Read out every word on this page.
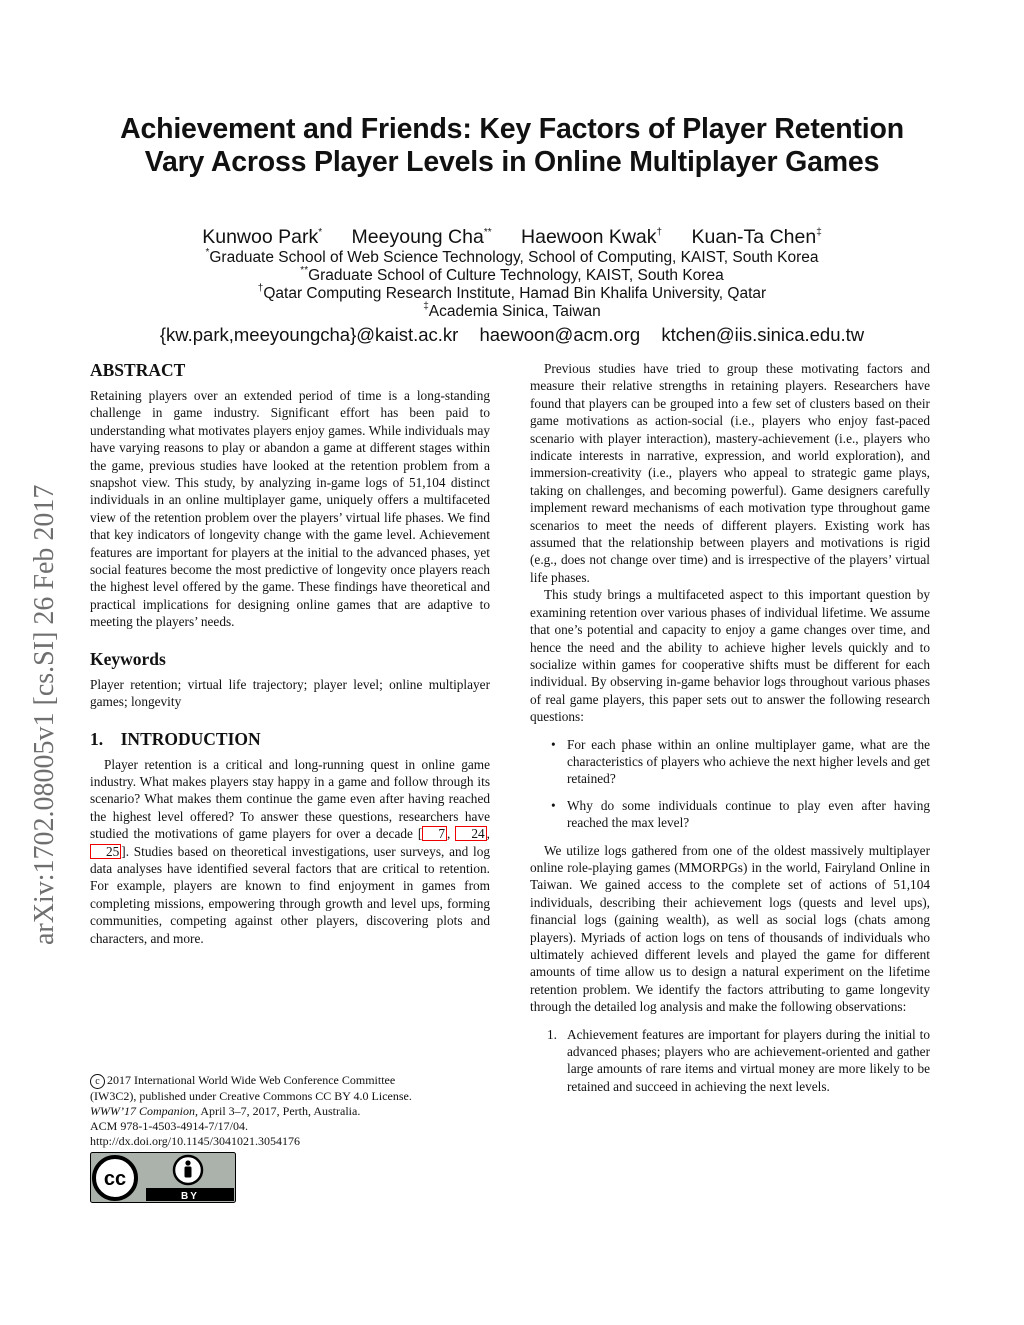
Achievement and Friends: Key Factors of Player Retention
Vary Across Player Levels in Online Multiplayer Games
Kunwoo Park* Meeyoung Cha** Haewoon Kwak† Kuan-Ta Chen‡
*Graduate School of Web Science Technology, School of Computing, KAIST, South Korea
**Graduate School of Culture Technology, KAIST, South Korea
†Qatar Computing Research Institute, Hamad Bin Khalifa University, Qatar
‡Academia Sinica, Taiwan
{kw.park,meeyoungcha}@kaist.ac.kr haewoon@acm.org ktchen@iis.sinica.edu.tw
arXiv:1702.08005v1 [cs.SI] 26 Feb 2017
ABSTRACT

Retaining players over an extended period of time is a long-standing challenge in game industry. Significant effort has been paid to understanding what motivates players enjoy games. While individuals may have varying reasons to play or abandon a game at different stages within the game, previous studies have looked at the retention problem from a snapshot view. This study, by analyzing in-game logs of 51,104 distinct individuals in an online multiplayer game, uniquely offers a multifaceted view of the retention problem over the players’ virtual life phases. We find that key indicators of longevity change with the game level. Achievement features are important for players at the initial to the advanced phases, yet social features become the most predictive of longevity once players reach the highest level offered by the game. These findings have theoretical and practical implications for designing online games that are adaptive to meeting the players’ needs.

Keywords

Player retention; virtual life trajectory; player level; online multiplayer games; longevity

1.    INTRODUCTION

Player retention is a critical and long-running quest in online game industry. What makes players stay happy in a game and follow through its scenario? What makes them continue the game even after having reached the highest level offered? To answer these questions, researchers have studied the motivations of game players for over a decade [ 7 , 24 , 25 ]. Studies based on theoretical investigations, user surveys, and log data analyses have identified several factors that are critical to retention. For example, players are known to find enjoyment in games from completing missions, empowering through growth and level ups, forming communities, competing against other players, discovering plots and characters, and more.

c 2017 International World Wide Web Conference Committee
(IW3C2), published under Creative Commons CC BY 4.0 License.
WWW’17 Companion, April 3–7, 2017, Perth, Australia.
ACM 978-1-4503-4914-7/17/04.
http://dx.doi.org/10.1145/3041021.3054176
cc
BY

Previous studies have tried to group these motivating factors and measure their relative strengths in retaining players. Researchers have found that players can be grouped into a few set of clusters based on their game motivations as action-social (i.e., players who enjoy fast-paced scenario with player interaction), mastery-achievement (i.e., players who indicate interests in narrative, expression, and world exploration), and immersion-creativity (i.e., players who appeal to strategic game plays, taking on challenges, and becoming powerful). Game designers carefully implement reward mechanisms of each motivation type throughout game scenarios to meet the needs of different players. Existing work has assumed that the relationship between players and motivations is rigid (e.g., does not change over time) and is irrespective of the players’ virtual life phases.

This study brings a multifaceted aspect to this important question by examining retention over various phases of individual lifetime. We assume that one’s potential and capacity to enjoy a game changes over time, and hence the need and the ability to achieve higher levels quickly and to socialize within games for cooperative shifts must be different for each individual. By observing in-game behavior logs throughout various phases of real game players, this paper sets out to answer the following research questions:

• For each phase within an online multiplayer game, what are the characteristics of players who achieve the next higher levels and get retained?
• Why do some individuals continue to play even after having reached the max level?

We utilize logs gathered from one of the oldest massively multiplayer online role-playing games (MMORPGs) in the world, Fairyland Online in Taiwan. We gained access to the complete set of actions of 51,104 individuals, describing their achievement logs (quests and level ups), financial logs (gaining wealth), as well as social logs (chats among players). Myriads of action logs on tens of thousands of individuals who ultimately achieved different levels and played the game for different amounts of time allow us to design a natural experiment on the lifetime retention problem. We identify the factors attributing to game longevity through the detailed log analysis and make the following observations:

1. Achievement features are important for players during the initial to advanced phases; players who are achievement-oriented and gather large amounts of rare items and virtual money are more likely to be retained and succeed in achieving the next levels.
